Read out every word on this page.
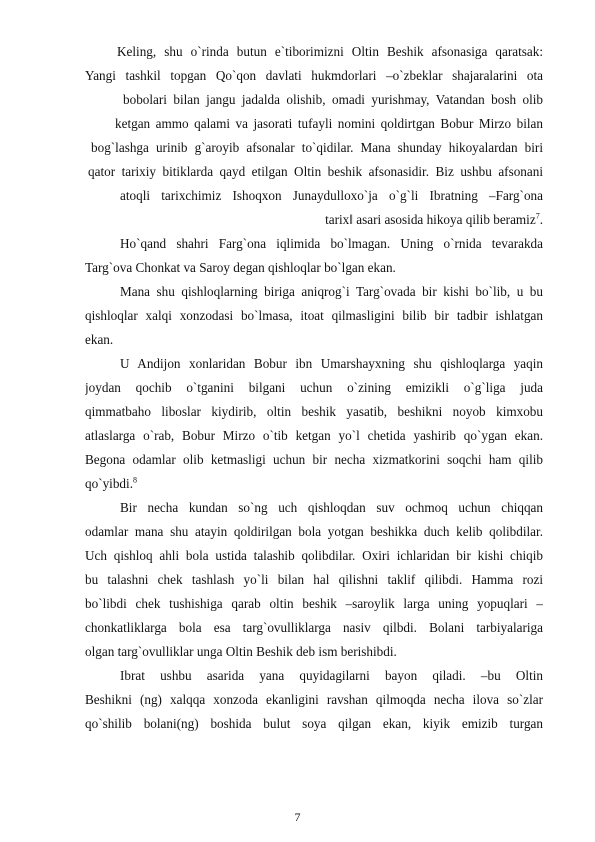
Keling, shu o`rinda butun e`tiborimizni Oltin Beshik afsonasiga qaratsak:
Yangi tashkil topgan Qo`qon davlati hukmdorlari –o`zbeklar shajaralarini ota
bobolari bilan jangu jadalda olishib, omadi yurishmay, Vatandan bosh olib
ketgan ammo qalami va jasorati tufayli nomini qoldirtgan Bobur Mirzo bilan
bog`lashga urinib g`aroyib afsonalar to`qidilar. Mana shunday hikoyalardan biri
qator tarixiy bitiklarda qayd etilgan Oltin beshik afsonasidir. Biz ushbu afsonani
atoqli tarixchimiz Ishoqxon Junaydulloxo`ja o`g`li Ibratning –Farg`ona
tarix‖ asari asosida hikoya qilib beramiz$^7$.
Ho`qand shahri Farg`ona iqlimida bo`lmagan. Uning o`rnida tevarakda
Targ`ova Chonkat va Saroy degan qishloqlar bo`lgan ekan.
Mana shu qishloqlarning biriga aniqrog`i Targ`ovada bir kishi bo`lib, u bu
qishloqlar xalqi xonzodasi bo`lmasa, itoat qilmasligini bilib bir tadbir ishlatgan
ekan.
U Andijon xonlaridan Bobur ibn Umarshayxning shu qishloqlarga yaqin
joydan qochib o`tganini bilgani uchun o`zining emizikli o`g`liga juda
qimmatbaho liboslar kiydirib, oltin beshik yasatib, beshikni noyob kimxobu
atlaslarga o`rab, Bobur Mirzo o`tib ketgan yo`l chetida yashirib qo`ygan ekan.
Begona odamlar olib ketmasligi uchun bir necha xizmatkorini soqchi ham qilib
qo`yibdi.$^8$
Bir necha kundan so`ng uch qishloqdan suv ochmoq uchun chiqqan
odamlar mana shu atayin qoldirilgan bola yotgan beshikka duch kelib qolibdilar.
Uch qishloq ahli bola ustida talashib qolibdilar. Oxiri ichlaridan bir kishi chiqib
bu talashni chek tashlash yo`li bilan hal qilishni taklif qilibdi. Hamma rozi
bo`libdi chek tushishiga qarab oltin beshik –saroylik larga uning yopuqlari –
chonkatliklarga bola esa targ`ovulliklarga nasiv qilbdi. Bolani tarbiyalariga
olgan targ`ovulliklar unga Oltin Beshik deb ism berishibdi.
Ibrat ushbu asarida yana quyidagilarni bayon qiladi. –bu Oltin
Beshikni (ng) xalqqa xonzoda ekanligini ravshan qilmoqda necha ilova so`zlar
qo`shilib bolani(ng) boshida bulut soya qilgan ekan, kiyik emizib turgan
7
